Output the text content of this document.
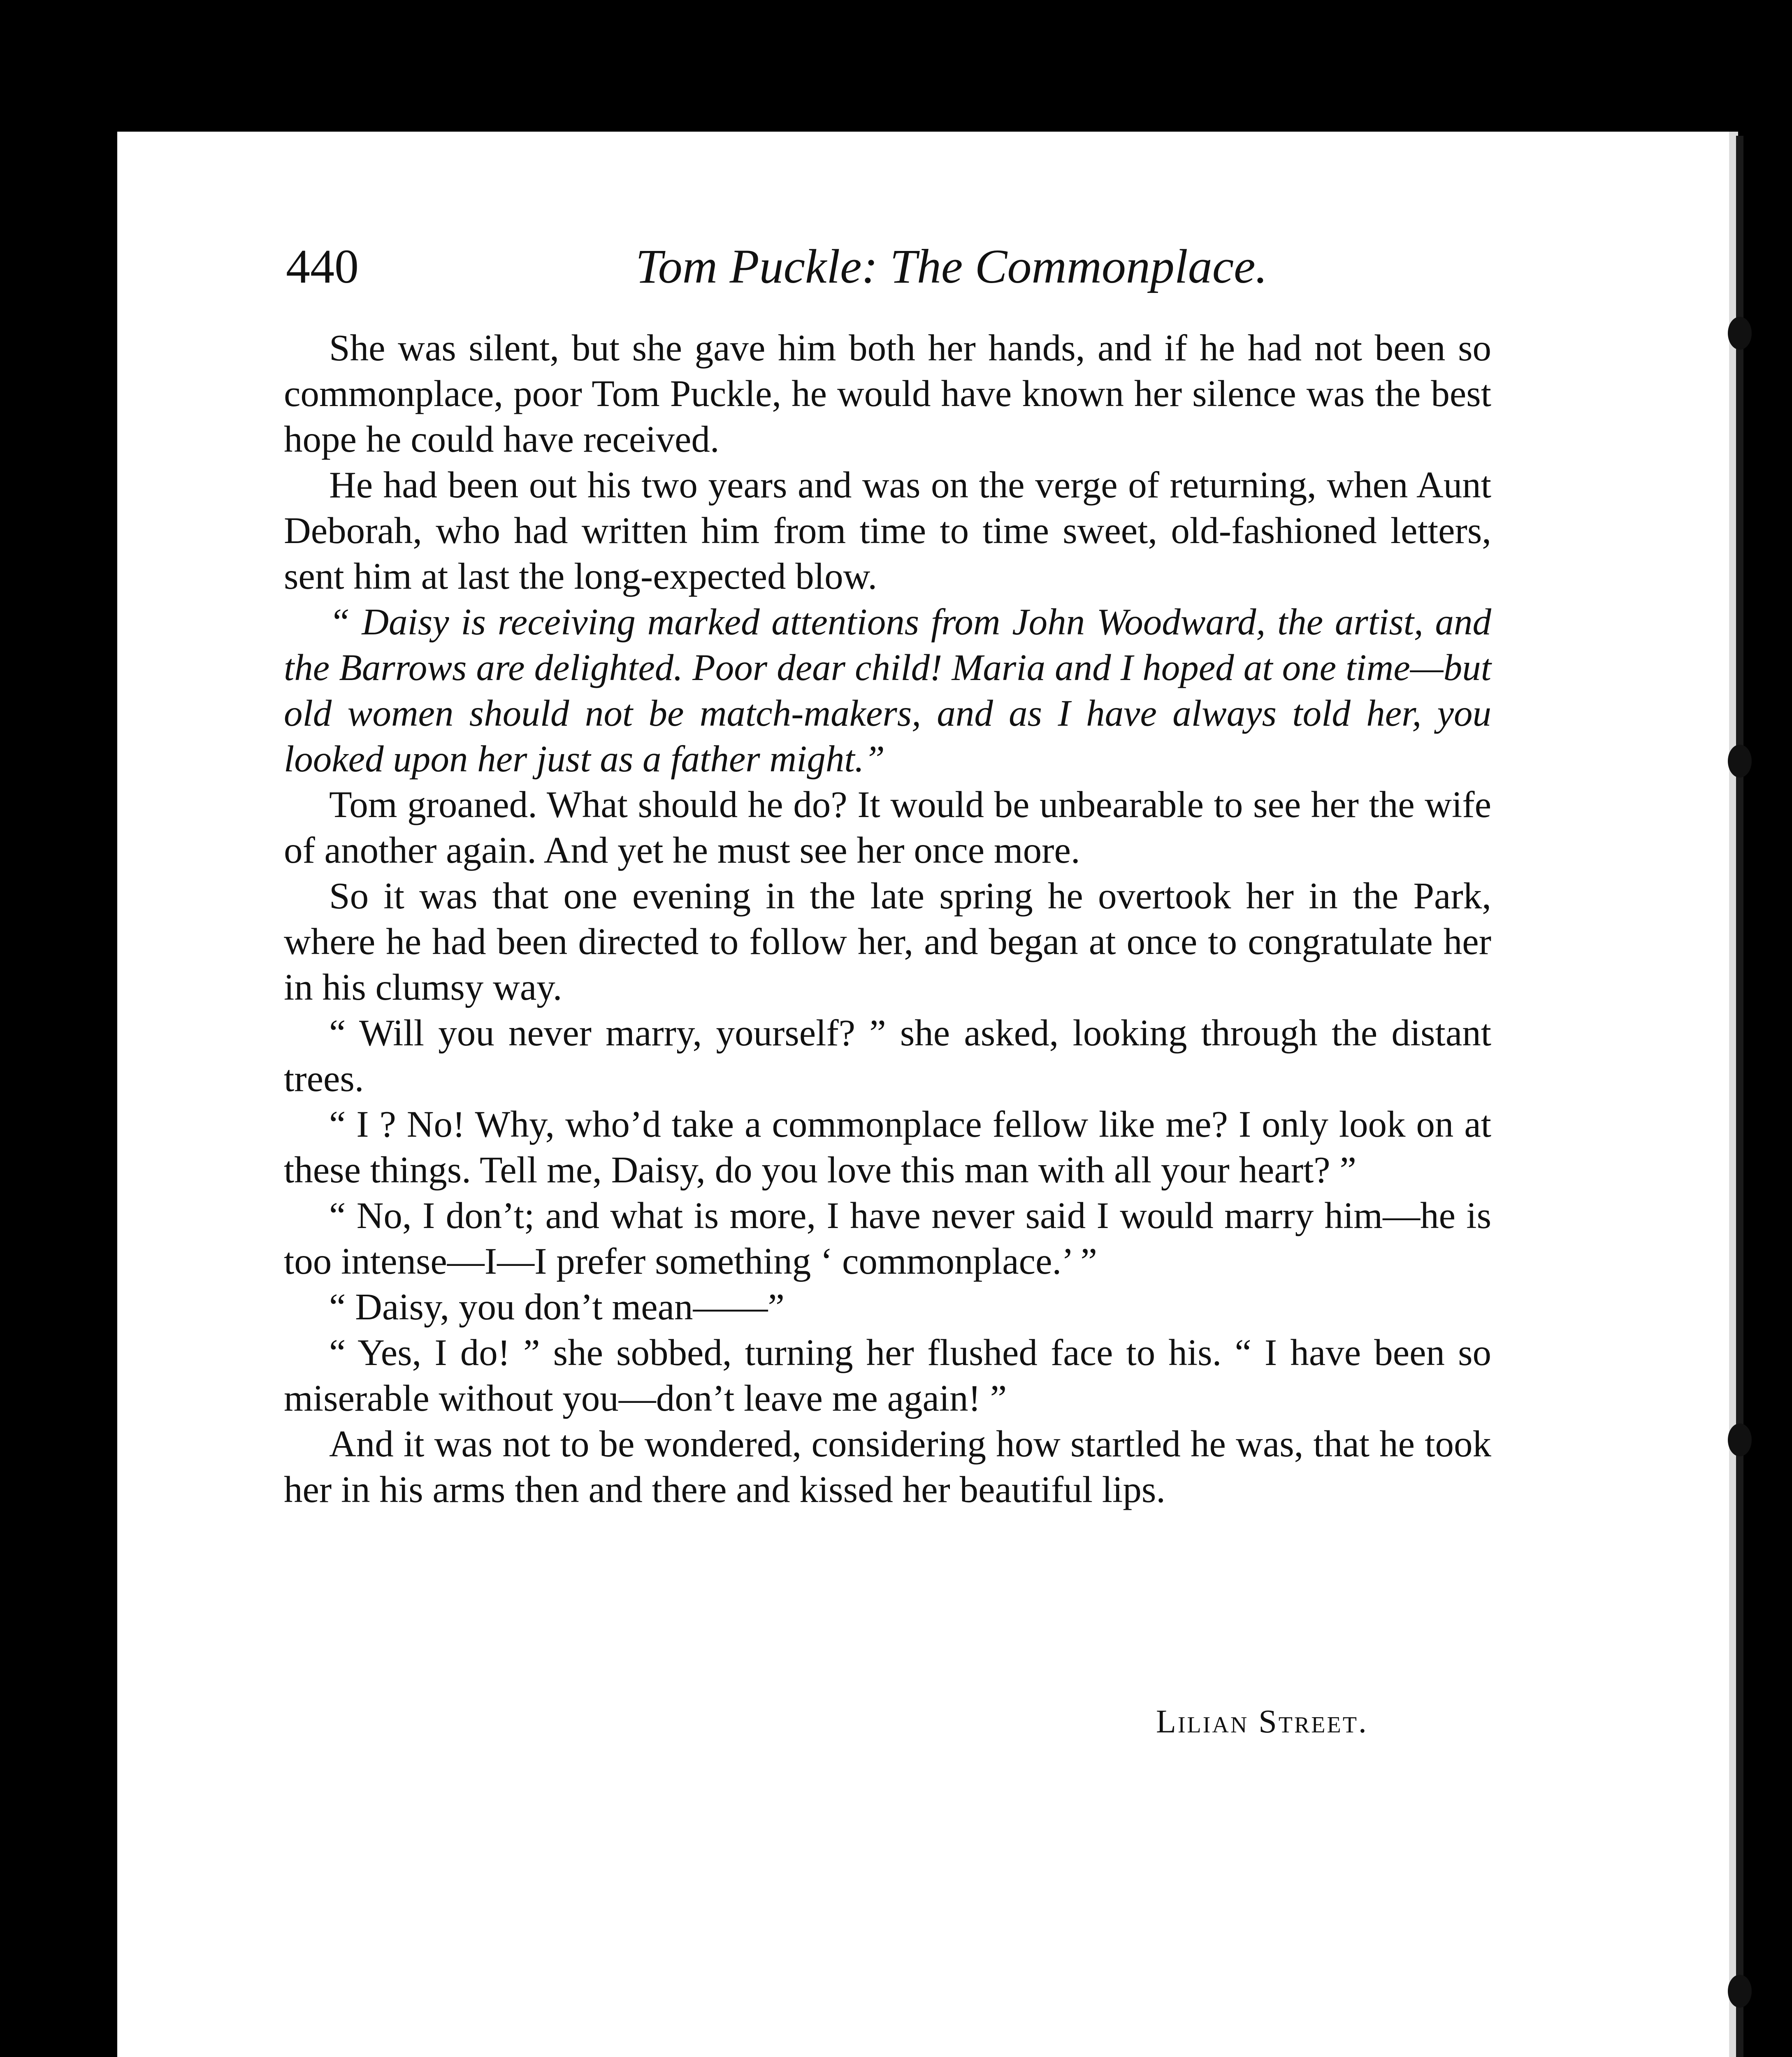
440	Tom Puckle: The Commonplace.

She was silent, but she gave him both her hands, and if he had not been so commonplace, poor Tom Puckle, he would have known her silence was the best hope he could have received.

He had been out his two years and was on the verge of returning, when Aunt Deborah, who had written him from time to time sweet, old-fashioned letters, sent him at last the long-expected blow.

“ Daisy is receiving marked attentions from John Woodward, the artist, and the Barrows are delighted. Poor dear child! Maria and I hoped at one time—but old women should not be match-makers, and as I have always told her, you looked upon her just as a father might.”

Tom groaned. What should he do? It would be unbearable to see her the wife of another again. And yet he must see her once more.

So it was that one evening in the late spring he overtook her in the Park, where he had been directed to follow her, and began at once to congratulate her in his clumsy way.

“ Will you never marry, yourself? ” she asked, looking through the distant trees.

“ I ? No! Why, who’d take a commonplace fellow like me? I only look on at these things. Tell me, Daisy, do you love this man with all your heart? ”

“ No, I don’t; and what is more, I have never said I would marry him—he is too intense—I—I prefer something ‘ commonplace.’ ”

“ Daisy, you don’t mean——”

“ Yes, I do! ” she sobbed, turning her flushed face to his. “ I have been so miserable without you—don’t leave me again! ”

And it was not to be wondered, considering how startled he was, that he took her in his arms then and there and kissed her beautiful lips.

Lilian Street.
